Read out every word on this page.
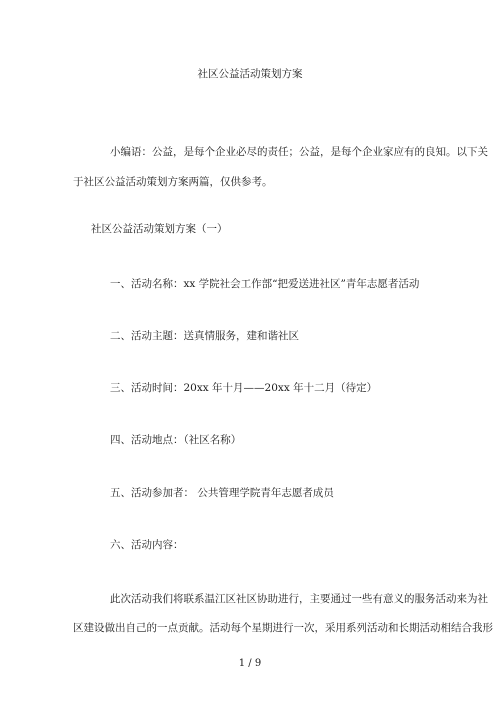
社区公益活动策划方案
小编语：公益，是每个企业必尽的责任；公益，是每个企业家应有的良知。以下关
于社区公益活动策划方案两篇，仅供参考。
社区公益活动策划方案（一）
一、活动名称：xx 学院社会工作部“把爱送进社区”青年志愿者活动
二、活动主题：送真情服务，建和谐社区
三、活动时间：20xx 年十月——20xx 年十二月（待定）
四、活动地点：（社区名称）
五、活动参加者： 公共管理学院青年志愿者成员
六、活动内容：
此次活动我们将联系温江区社区协助进行，主要通过一些有意义的服务活动来为社
区建设做出自己的一点贡献。活动每个星期进行一次，采用系列活动和长期活动相结合我形
1 / 9
